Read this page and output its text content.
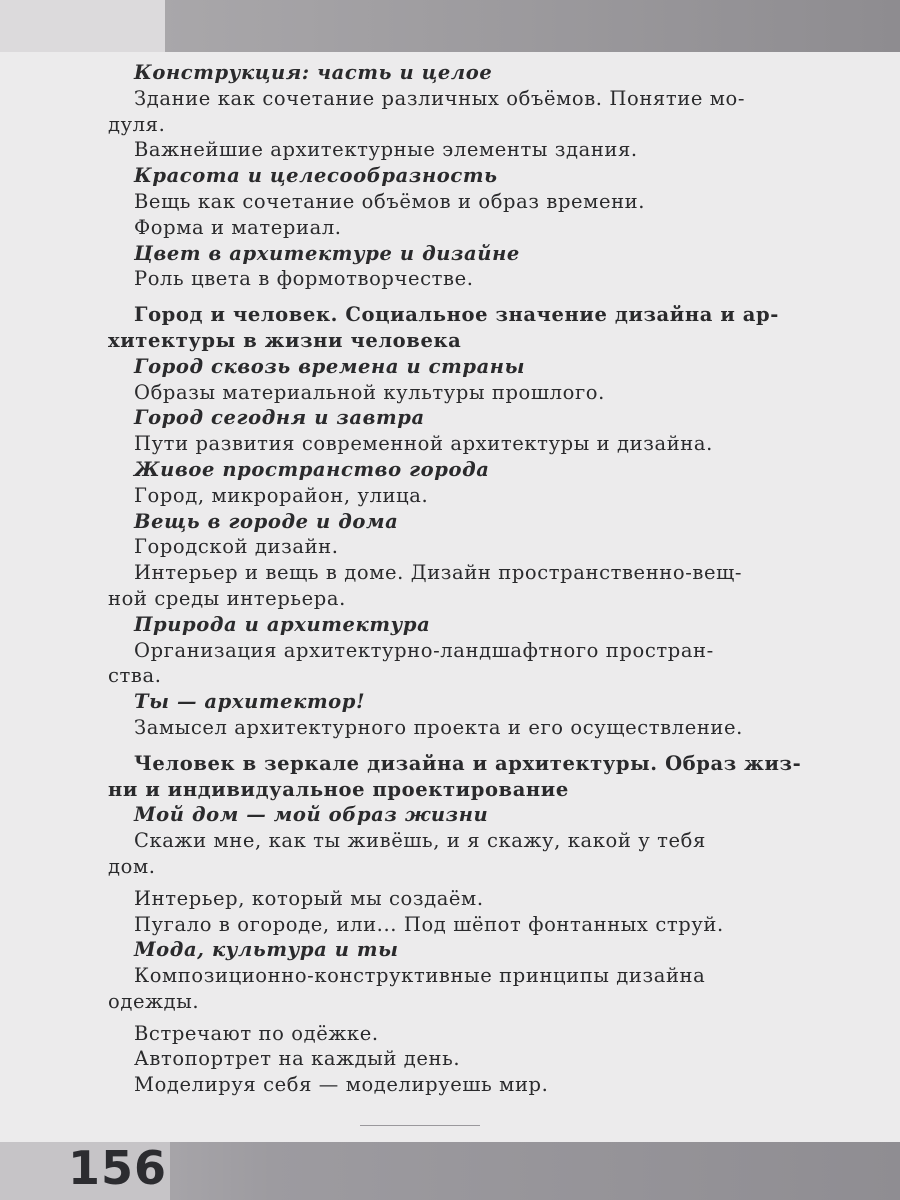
Конструкция: часть и целое

Здание как сочетание различных объёмов. Понятие мо-
дуля.

Важнейшие архитектурные элементы здания.

Красота и целесообразность

Вещь как сочетание объёмов и образ времени.

Форма и материал.

Цвет в архитектуре и дизайне

Роль цвета в формотворчестве.

Город и человек. Социальное значение дизайна и ар-
хитектуры в жизни человека

Город сквозь времена и страны

Образы материальной культуры прошлого.

Город сегодня и завтра

Пути развития современной архитектуры и дизайна.

Живое пространство города

Город, микрорайон, улица.

Вещь в городе и дома

Городской дизайн.

Интерьер и вещь в доме. Дизайн пространственно-вещ-
ной среды интерьера.

Природа и архитектура

Организация архитектурно-ландшафтного простран-
ства.

Ты — архитектор!

Замысел архитектурного проекта и его осуществление.

Человек в зеркале дизайна и архитектуры. Образ жиз-
ни и индивидуальное проектирование

Мой дом — мой образ жизни

Скажи мне, как ты живёшь, и я скажу, какой у тебя
дом.

Интерьер, который мы создаём.

Пугало в огороде, или... Под шёпот фонтанных струй.

Мода, культура и ты

Композиционно-конструктивные принципы дизайна
одежды.

Встречают по одёжке.

Автопортрет на каждый день.

Моделируя себя — моделируешь мир.

156
